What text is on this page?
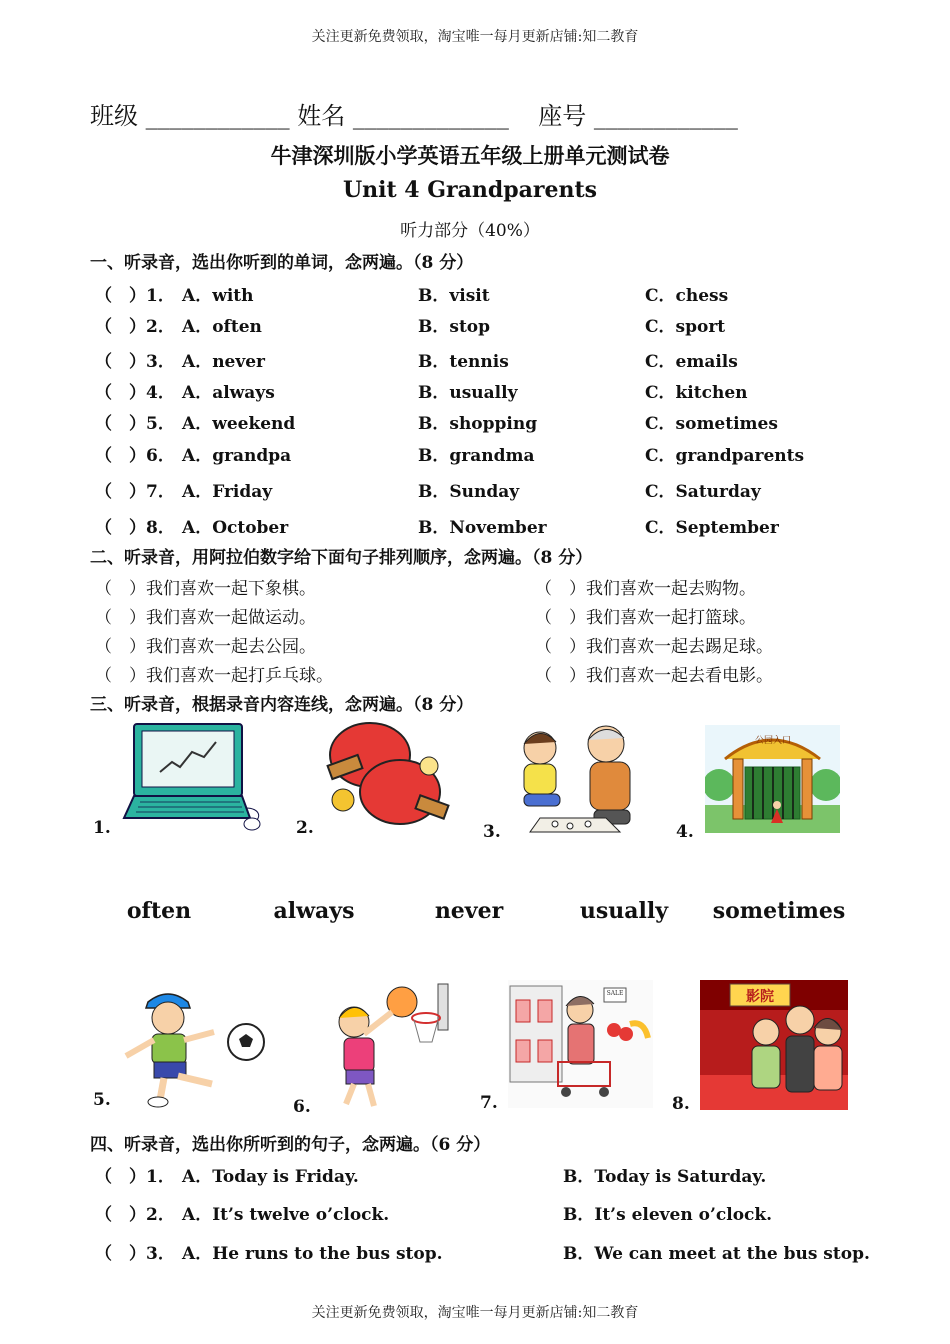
关注更新免费领取，淘宝唯一每月更新店铺:知二教育
关注更新免费领取，淘宝唯一每月更新店铺:知二教育
班级 ____________ 姓名 _____________ 座号 ____________
牛津深圳版小学英语五年级上册单元测试卷
Unit 4 Grandparents
听力部分（40%）
一、听录音，选出你听到的单词，念两遍。（8 分）
（　）1． A．with	B．visit	C．chess
（　）2． A．often	B．stop	C．sport
（　）3． A．never	B．tennis	C．emails
（　）4． A．always	B．usually	C．kitchen
（　）5． A．weekend	B．shopping	C．sometimes
（　）6． A．grandpa	B．grandma	C．grandparents
（　）7． A．Friday	B．Sunday	C．Saturday
（　）8． A．October	B．November	C．September
二、听录音，用阿拉伯数字给下面句子排列顺序，念两遍。（8 分）
（　）我们喜欢一起下象棋。
（　）我们喜欢一起做运动。
（　）我们喜欢一起去公园。
（　）我们喜欢一起打乒乓球。
（　）我们喜欢一起去购物。
（　）我们喜欢一起打篮球。
（　）我们喜欢一起去踢足球。
（　）我们喜欢一起去看电影。
三、听录音，根据录音内容连线，念两遍。（8 分）
1.	2.	3.	4.
公园入口
often	always	never	usually	sometimes
5.	6.	7.
SALE
8.
影院
四、听录音，选出你所听到的句子，念两遍。（6 分）
（　）1． A．Today is Friday.	B．Today is Saturday.
（　）2． A．It’s twelve o’clock.	B．It’s eleven o’clock.
（　）3． A．He runs to the bus stop.	B．We can meet at the bus stop.
